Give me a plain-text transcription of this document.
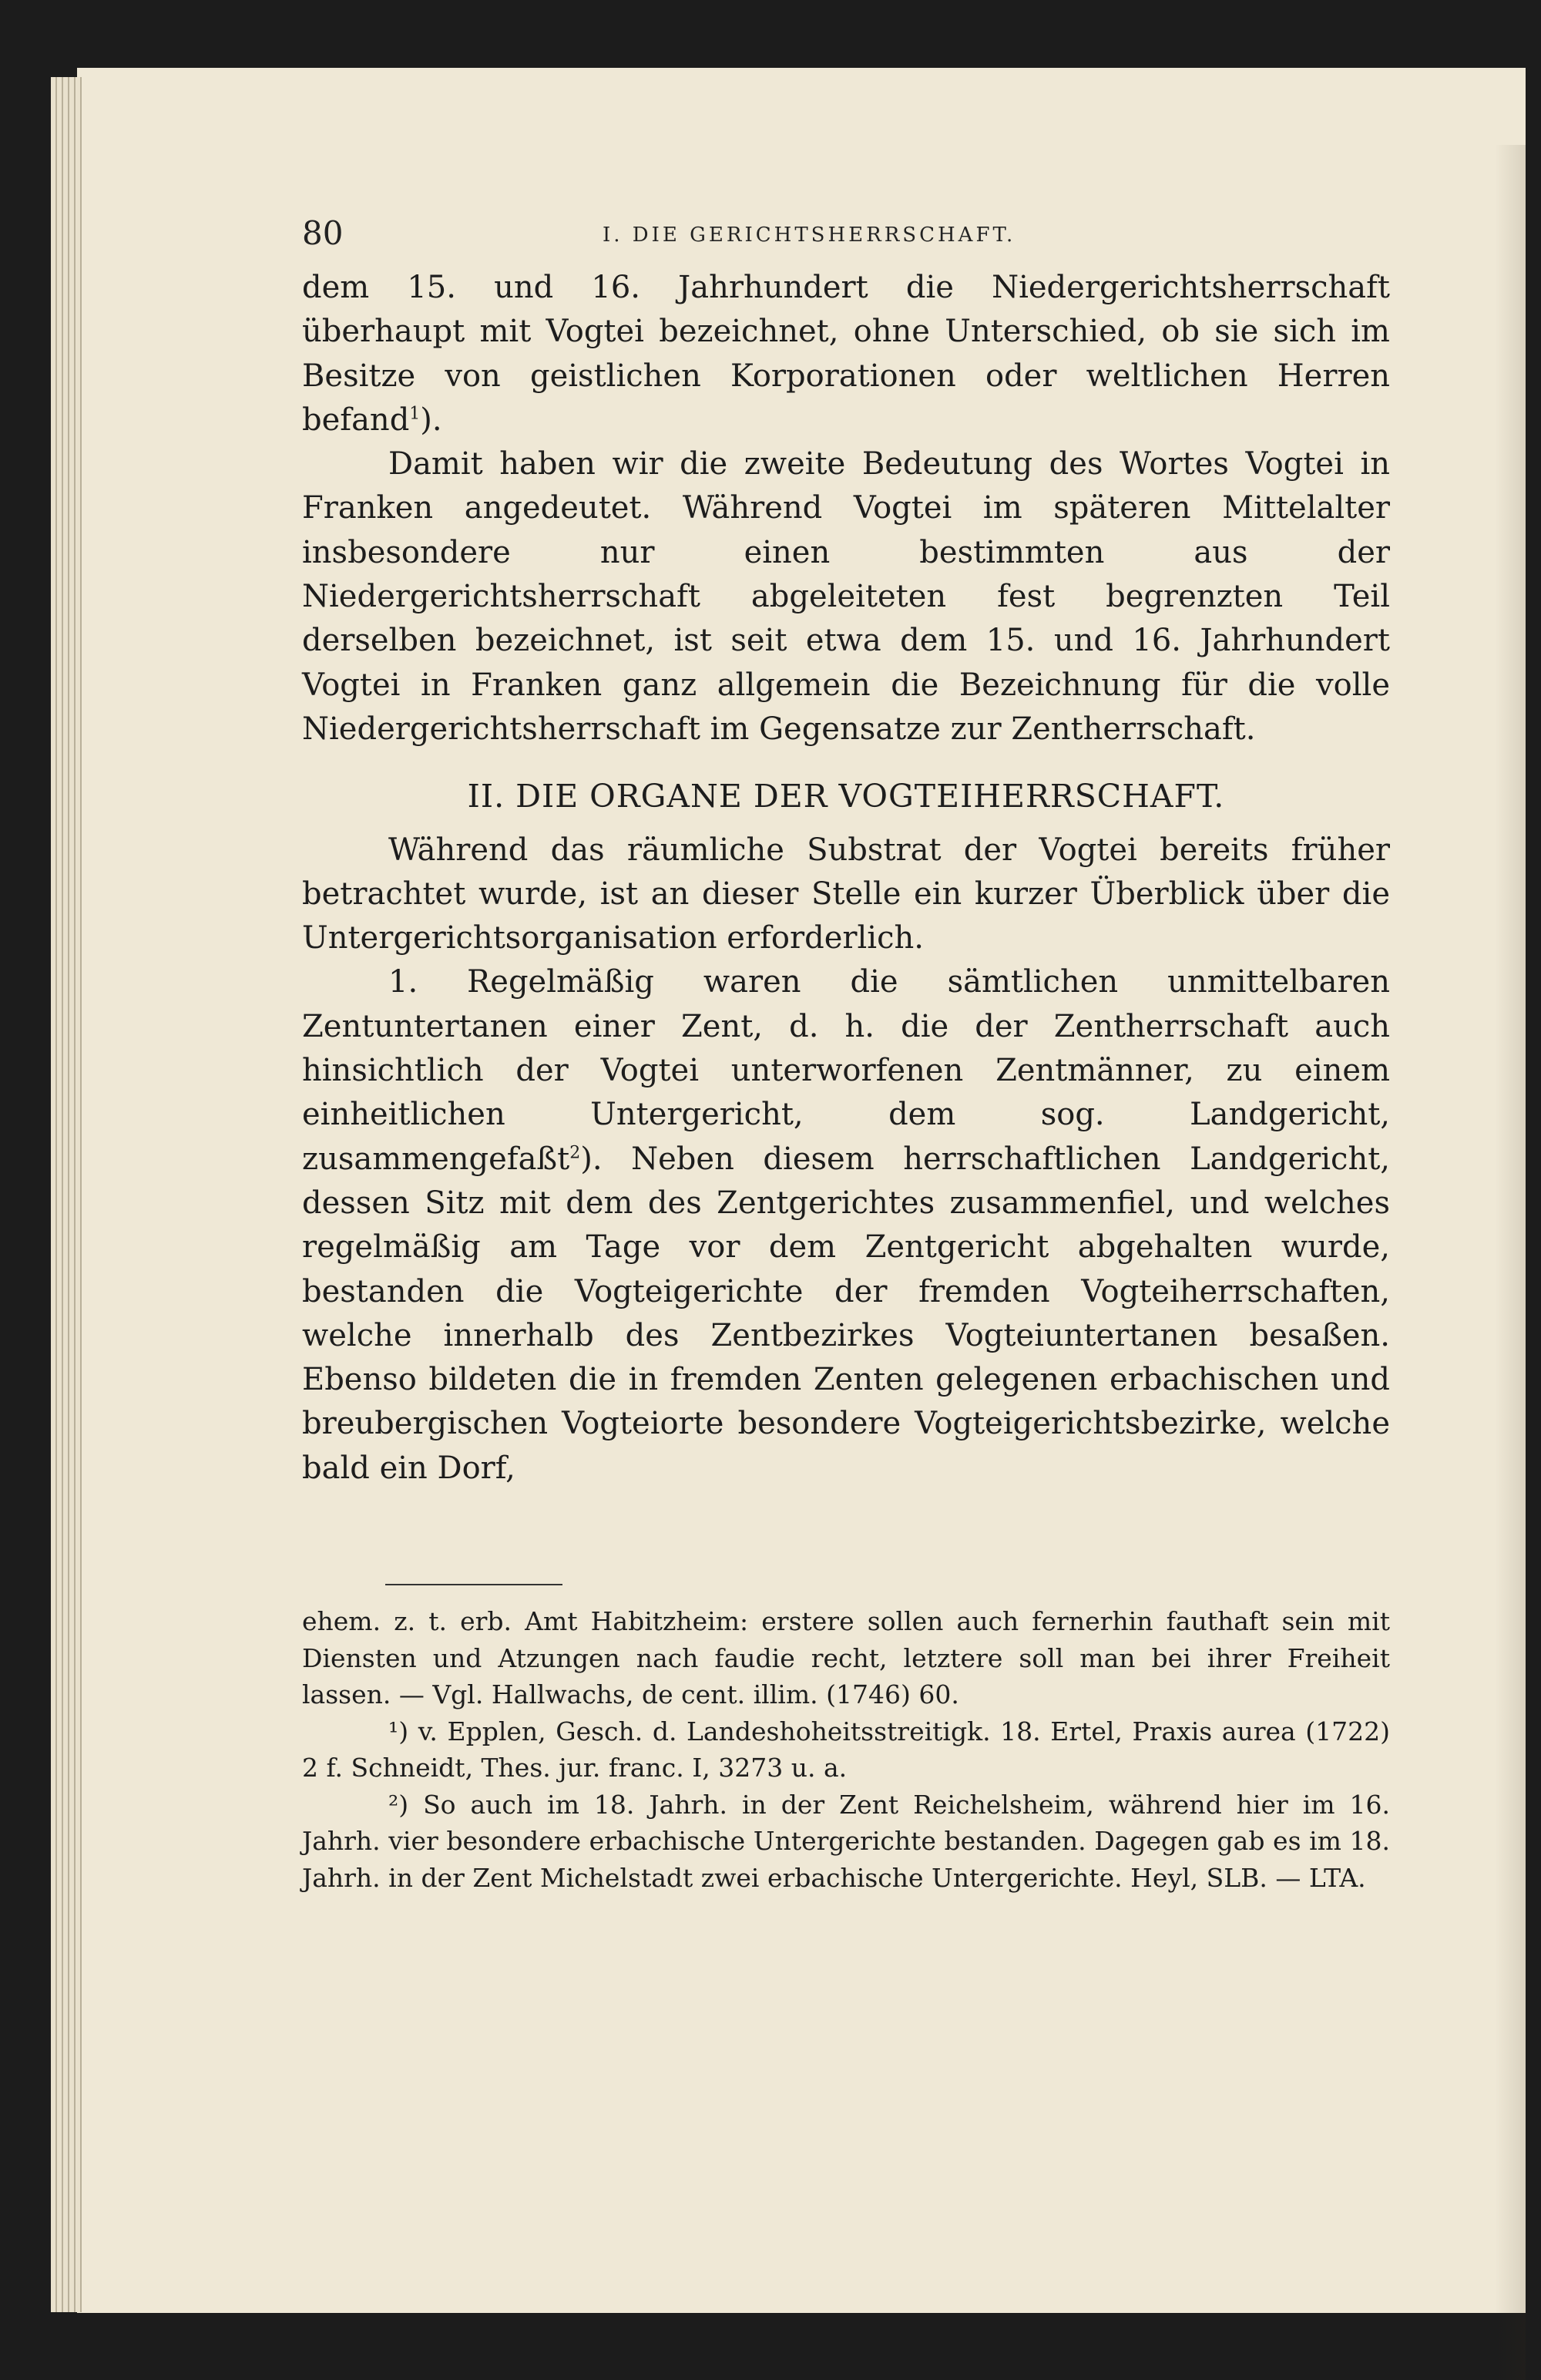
80	I. DIE GERICHTSHERRSCHAFT.

dem 15. und 16. Jahrhundert die Niedergerichtsherrschaft überhaupt mit Vogtei bezeichnet, ohne Unterschied, ob sie sich im Besitze von geistlichen Korporationen oder weltlichen Herren befand$^1$).

Damit haben wir die zweite Bedeutung des Wortes Vogtei in Franken angedeutet. Während Vogtei im späteren Mittelalter insbesondere nur einen bestimmten aus der Niedergerichtsherrschaft abgeleiteten fest begrenzten Teil derselben bezeichnet, ist seit etwa dem 15. und 16. Jahrhundert Vogtei in Franken ganz allgemein die Bezeichnung für die volle Niedergerichtsherrschaft im Gegensatze zur Zentherrschaft.

II. DIE ORGANE DER VOGTEIHERRSCHAFT.

Während das räumliche Substrat der Vogtei bereits früher betrachtet wurde, ist an dieser Stelle ein kurzer Überblick über die Untergerichtsorganisation erforderlich.

1. Regelmäßig waren die sämtlichen unmittelbaren Zentuntertanen einer Zent, d. h. die der Zentherrschaft auch hinsichtlich der Vogtei unterworfenen Zentmänner, zu einem einheitlichen Untergericht, dem sog. Landgericht, zusammengefaßt$^2$). Neben diesem herrschaftlichen Landgericht, dessen Sitz mit dem des Zentgerichtes zusammenfiel, und welches regelmäßig am Tage vor dem Zentgericht abgehalten wurde, bestanden die Vogteigerichte der fremden Vogteiherrschaften, welche innerhalb des Zentbezirkes Vogteiuntertanen besaßen. Ebenso bildeten die in fremden Zenten gelegenen erbachischen und breubergischen Vogteiorte besondere Vogteigerichtsbezirke, welche bald ein Dorf,

ehem. z. t. erb. Amt Habitzheim: erstere sollen auch fernerhin fauthaft sein mit Diensten und Atzungen nach faudie recht, letztere soll man bei ihrer Freiheit lassen. — Vgl. Hallwachs, de cent. illim. (1746) 60.

¹) v. Epplen, Gesch. d. Landeshoheitsstreitigk. 18. Ertel, Praxis aurea (1722) 2 f. Schneidt, Thes. jur. franc. I, 3273 u. a.

²) So auch im 18. Jahrh. in der Zent Reichelsheim, während hier im 16. Jahrh. vier besondere erbachische Untergerichte bestanden. Dagegen gab es im 18. Jahrh. in der Zent Michelstadt zwei erbachische Untergerichte. Heyl, SLB. — LTA.
